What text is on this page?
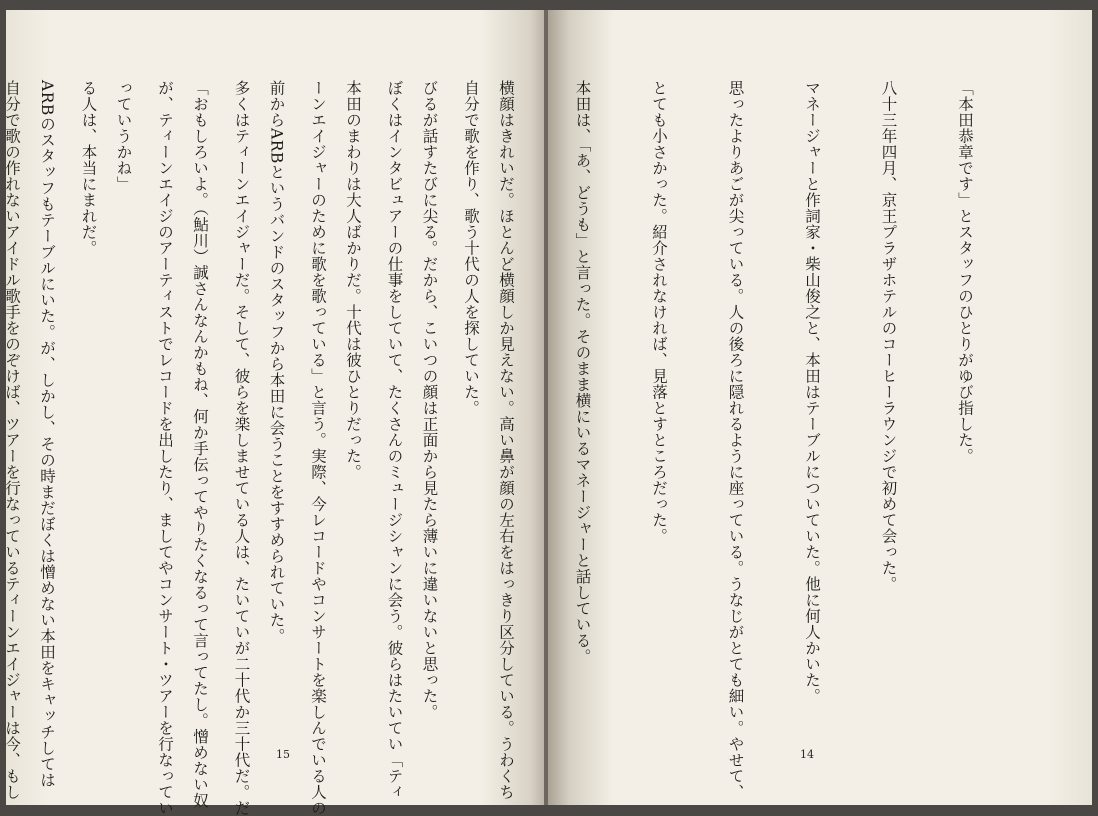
自分で歌を作り、歌う十代の人を探していた。

ぼくはインタビュアーの仕事をしていて、たくさんのミュージシャンに会う。彼らはたいてい「ティ

ーンエイジャーのために歌を歌っている」と言う。実際、今レコードやコンサートを楽しんでいる人の

多くはティーンエイジャーだ。そして、彼らを楽しませている人は、たいていが二十代か三十代だ。だ

が、ティーンエイジのアーティストでレコードを出したり、ましてやコンサート・ツアーを行なってい

る人は、本当にまれだ。

自分で歌の作れないアイドル歌手をのぞけば、ツアーを行なっているティーンエイジャーは今、もし

	15

「本田恭章です」とスタッフのひとりがゆび指した。

八十三年四月、京王プラザホテルのコーヒーラウンジで初めて会った。

マネージャーと作詞家・柴山俊之と、本田はテーブルについていた。他に何人かいた。

思ったよりあごが尖っている。人の後ろに隠れるように座っている。うなじがとても細い。やせて、

とても小さかった。紹介されなければ、見落とすところだった。

本田は、「あ、どうも」と言った。そのまま横にいるマネージャーと話している。

横顔はきれいだ。ほとんど横顔しか見えない。高い鼻が顔の左右をはっきり区分している。うわくち

びるが話すたびに尖る。だから、こいつの顔は正面から見たら薄いに違いないと思った。

本田のまわりは大人ばかりだ。十代は彼ひとりだった。

前からARBというバンドのスタッフから本田に会うことをすすめられていた。

「おもしろいよ。（鮎川）誠さんなんかもね、何か手伝ってやりたくなるって言ってたし。憎めない奴

っていうかね」

ARBのスタッフもテーブルにいた。が、しかし、その時まだぼくは憎めない本田をキャッチしては

	14
